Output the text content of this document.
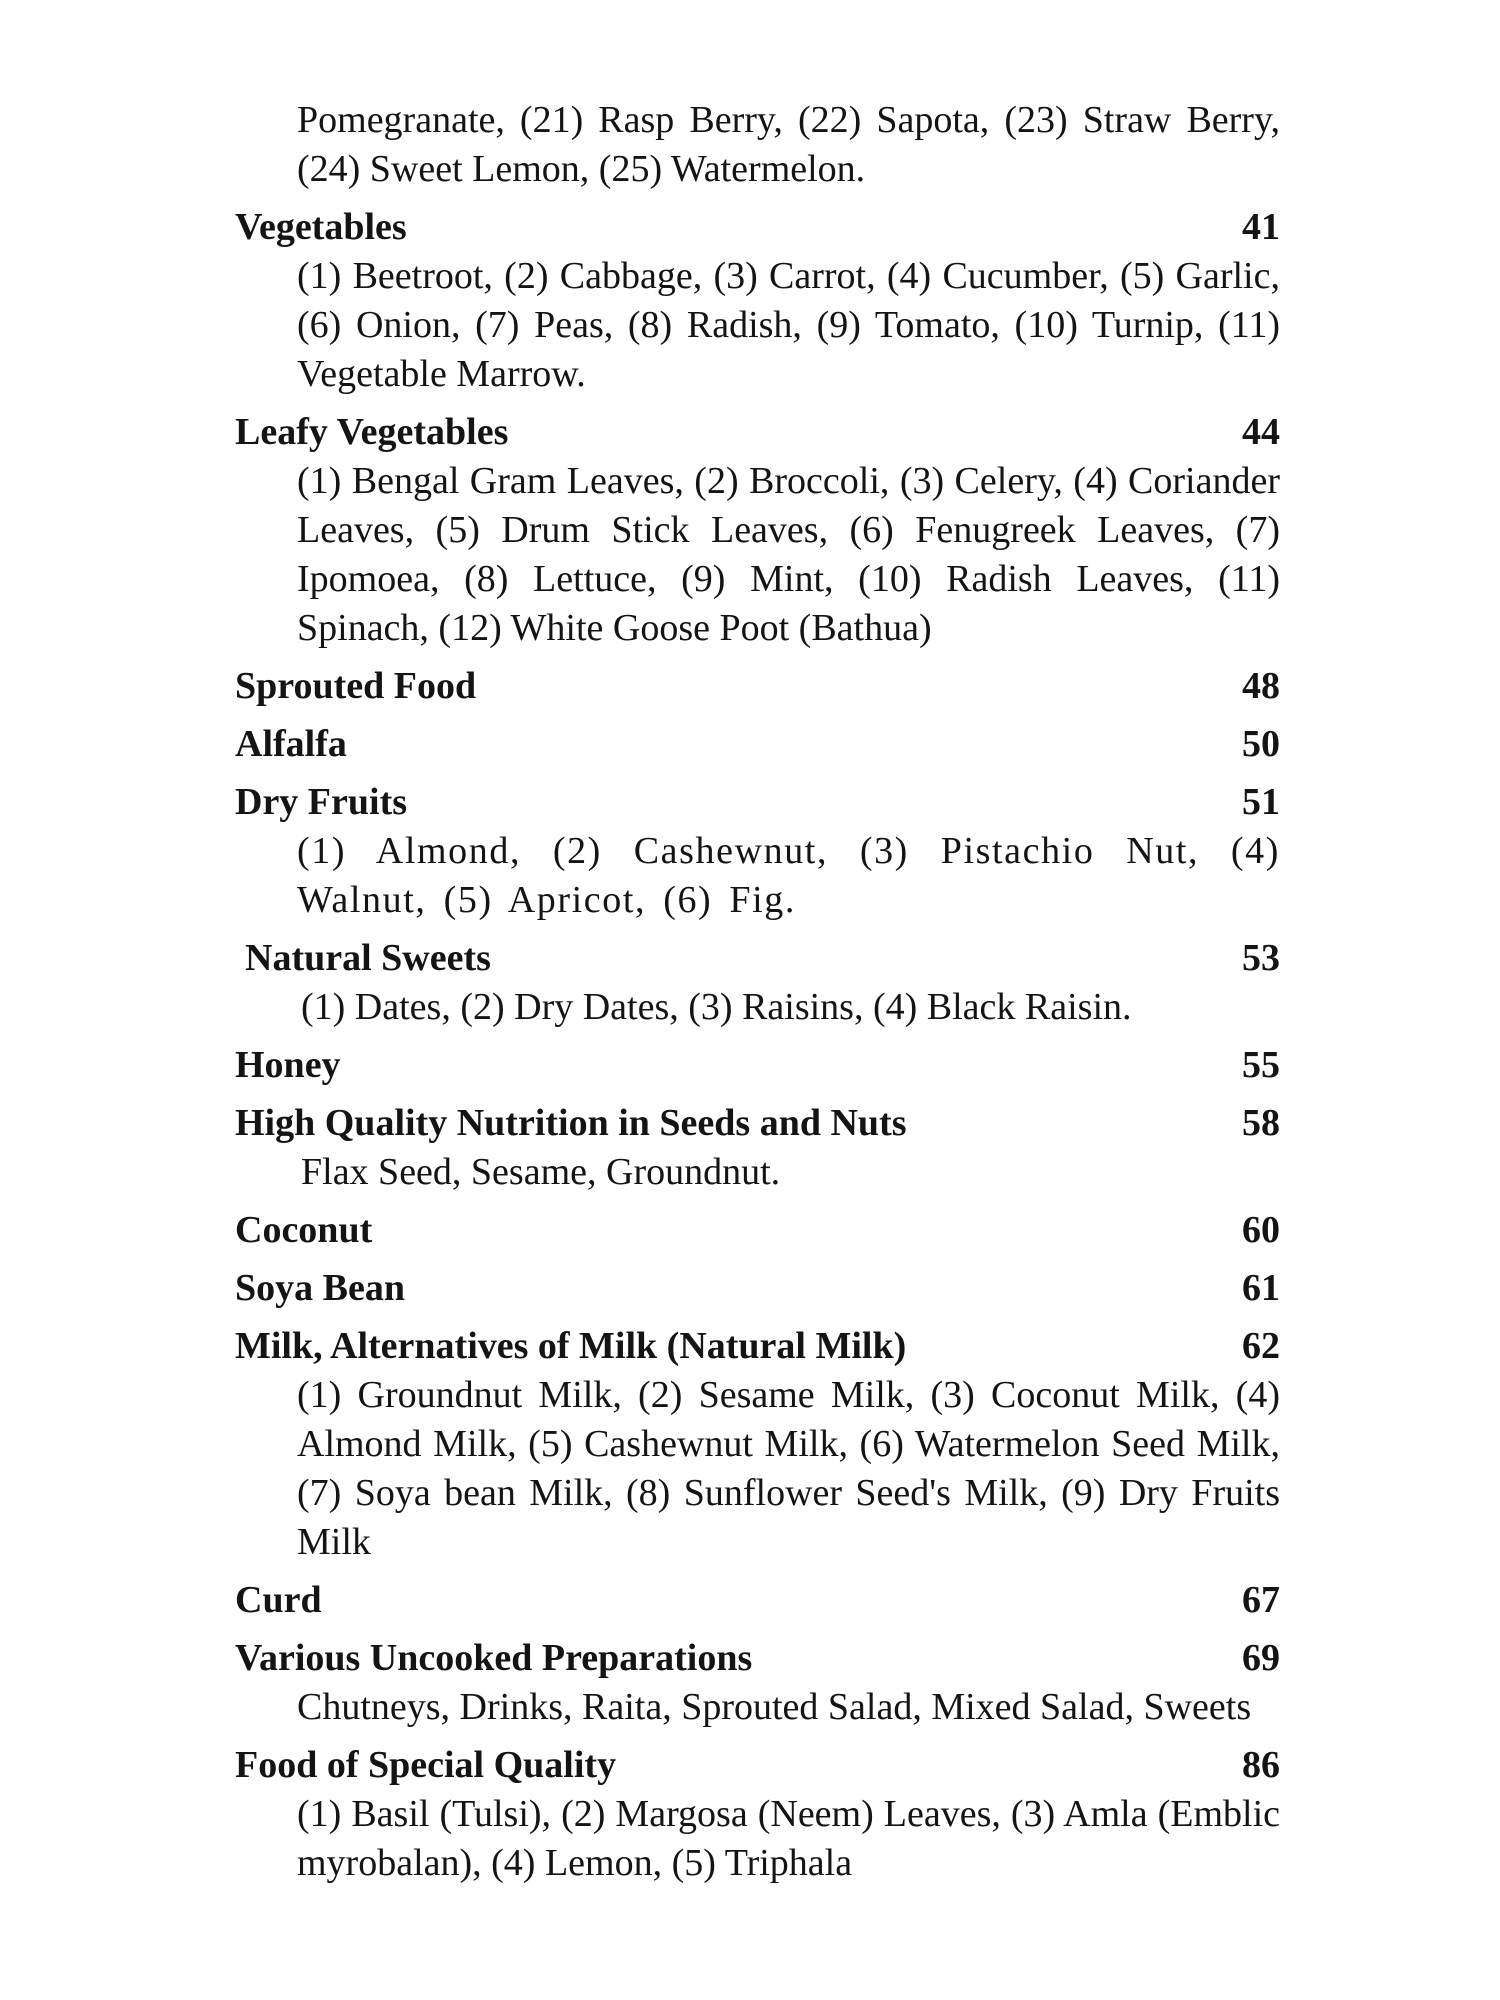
Pomegranate, (21) Rasp Berry, (22) Sapota, (23) Straw Berry, (24) Sweet Lemon, (25) Watermelon.
Vegetables	41
(1) Beetroot, (2) Cabbage, (3) Carrot, (4) Cucumber, (5) Garlic, (6) Onion, (7) Peas, (8) Radish, (9) Tomato, (10) Turnip, (11) Vegetable Marrow.
Leafy Vegetables	44
(1) Bengal Gram Leaves, (2) Broccoli, (3) Celery, (4) Coriander Leaves, (5) Drum Stick Leaves, (6) Fenugreek Leaves, (7) Ipomoea, (8) Lettuce, (9) Mint, (10) Radish Leaves, (11) Spinach, (12) White Goose Poot (Bathua)
Sprouted Food	48
Alfalfa	50
Dry Fruits	51
(1) Almond, (2) Cashewnut, (3) Pistachio Nut, (4) Walnut, (5) Apricot, (6) Fig.
Natural Sweets	53
(1) Dates, (2) Dry Dates, (3) Raisins, (4) Black Raisin.
Honey	55
High Quality Nutrition in Seeds and Nuts	58
Flax Seed, Sesame, Groundnut.
Coconut	60
Soya Bean	61
Milk, Alternatives of Milk (Natural Milk)	62
(1) Groundnut Milk, (2) Sesame Milk, (3) Coconut Milk, (4) Almond Milk, (5) Cashewnut Milk, (6) Watermelon Seed Milk, (7) Soya bean Milk, (8) Sunflower Seed's Milk, (9) Dry Fruits Milk
Curd	67
Various Uncooked Preparations	69
Chutneys, Drinks, Raita, Sprouted Salad, Mixed Salad, Sweets
Food of Special Quality	86
(1) Basil (Tulsi), (2) Margosa (Neem) Leaves, (3) Amla (Emblic myrobalan), (4) Lemon, (5) Triphala
